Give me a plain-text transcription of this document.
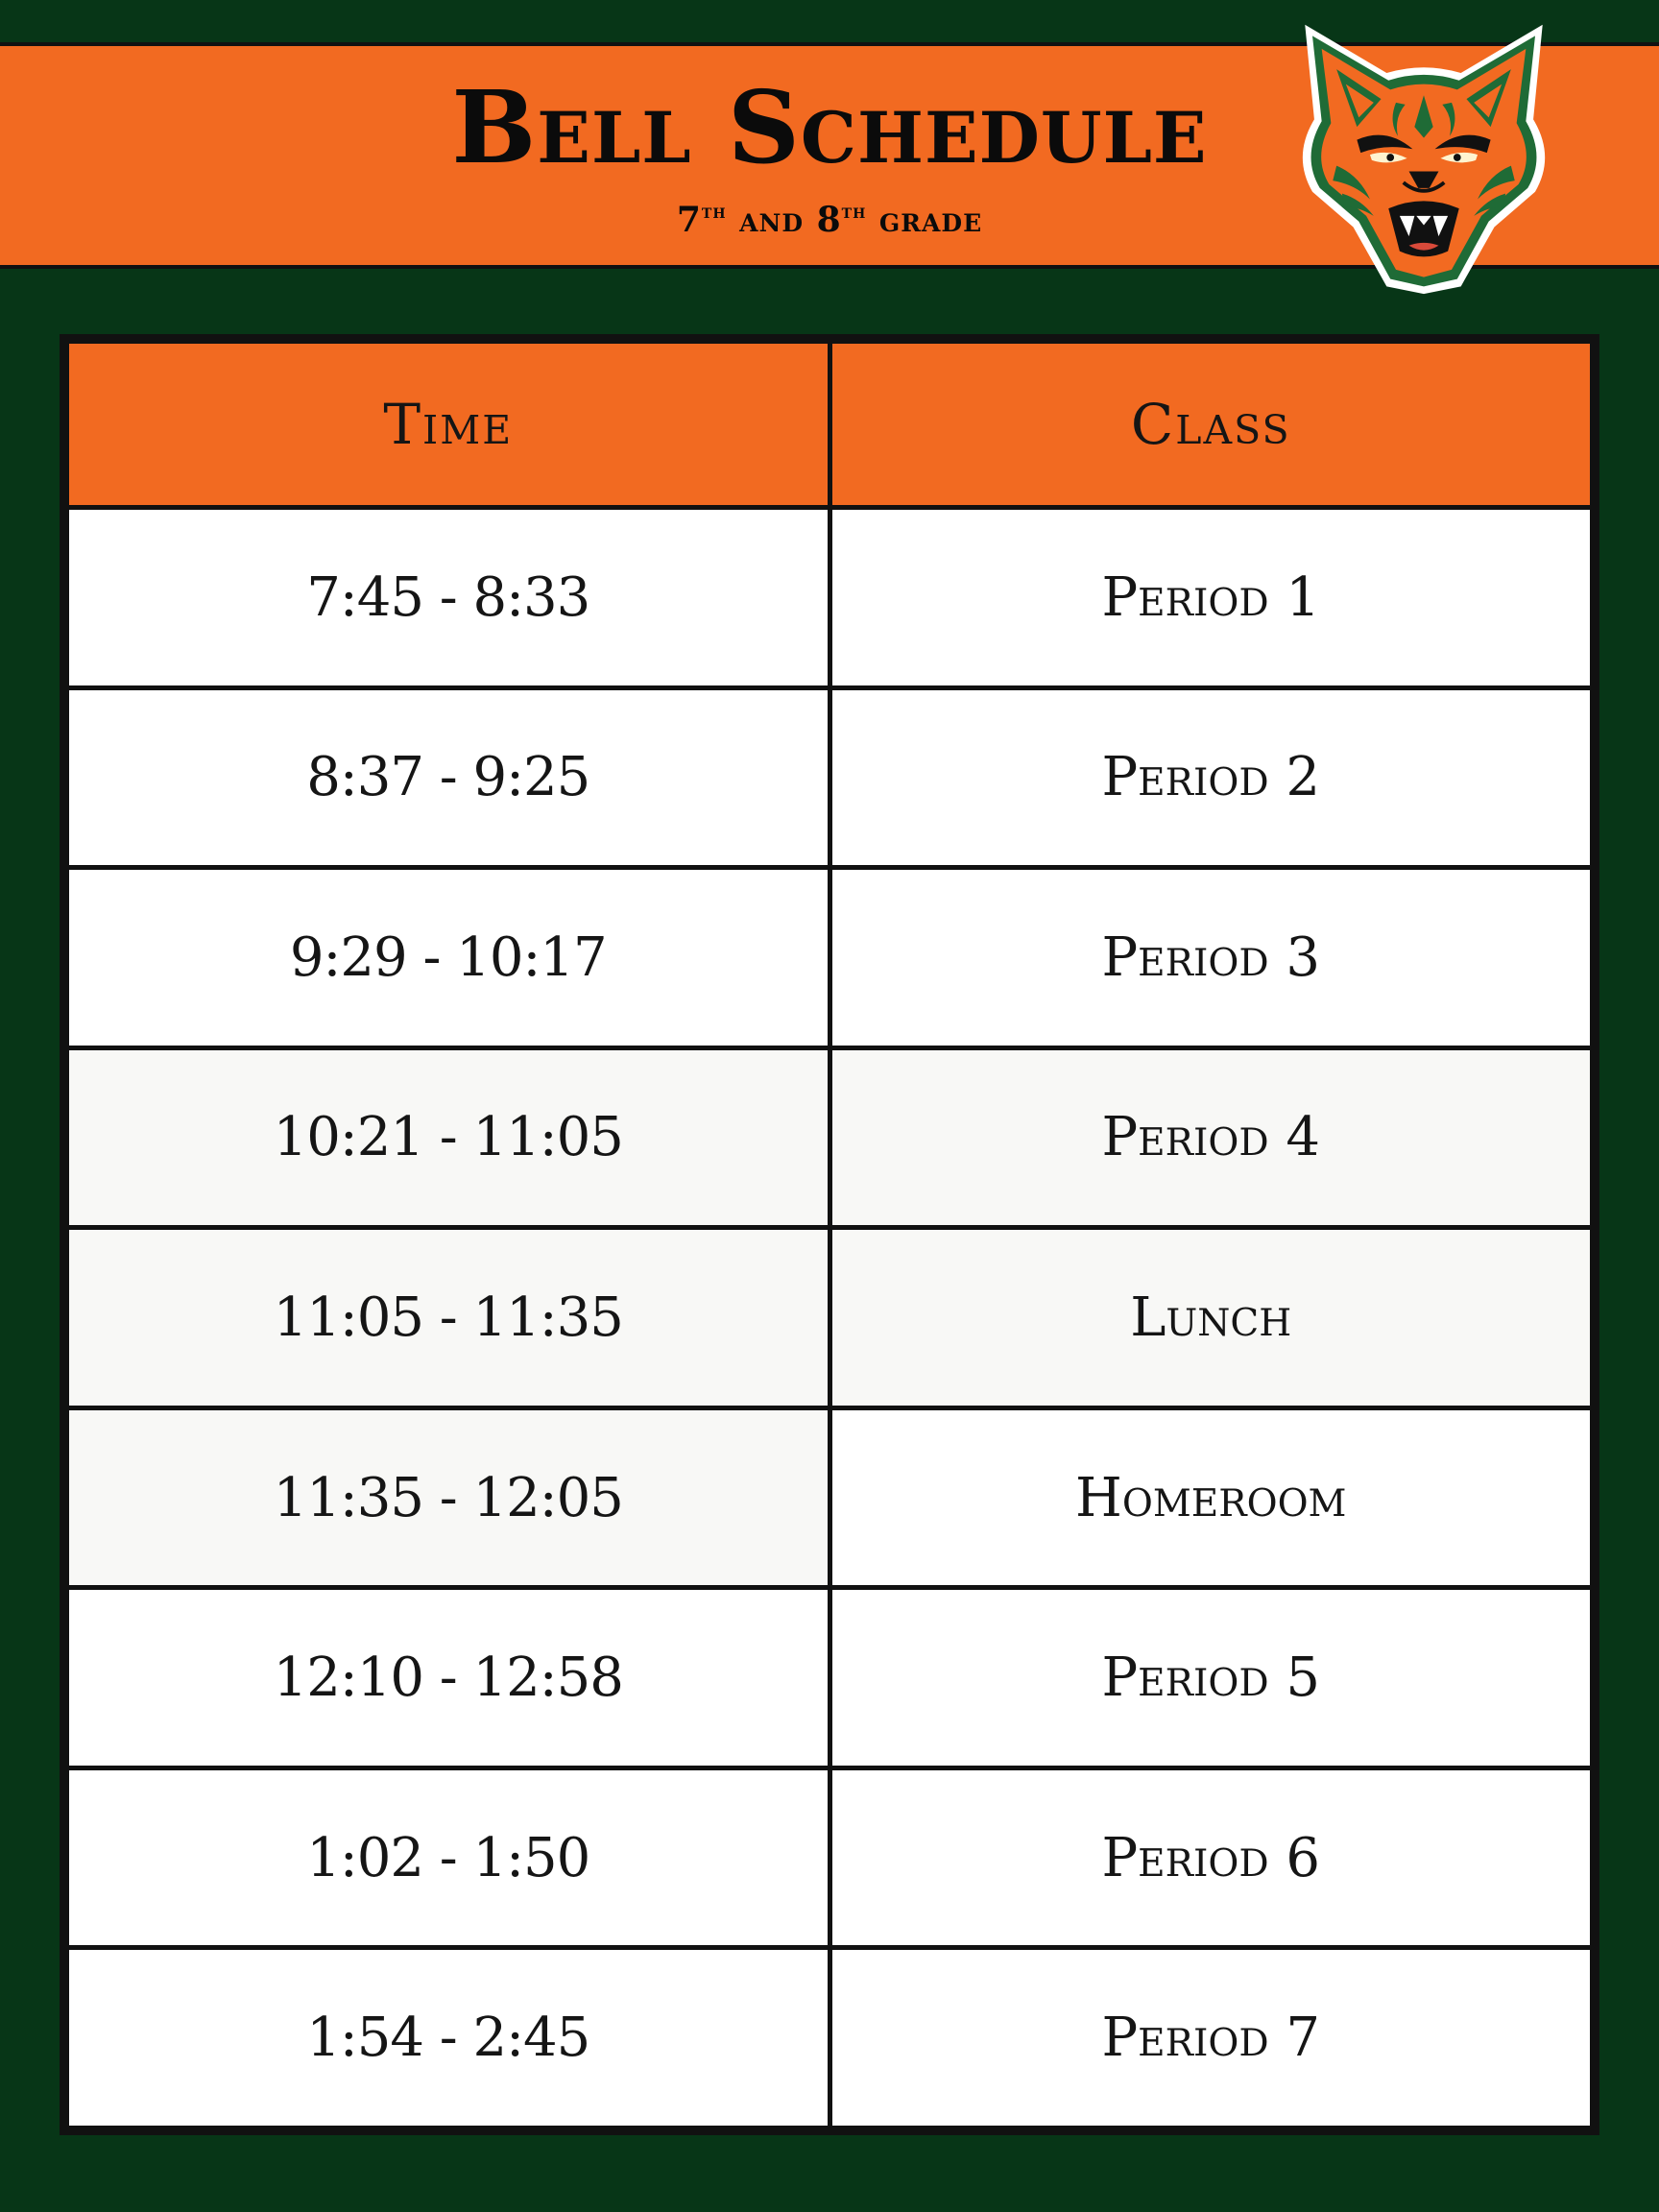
Bell Schedule
7th and 8th grade
Time	Class
7:45 - 8:33	Period 1
8:37 - 9:25	Period 2
9:29 - 10:17	Period 3
10:21 - 11:05	Period 4
11:05 - 11:35	Lunch
11:35 - 12:05	Homeroom
12:10 - 12:58	Period 5
1:02 - 1:50	Period 6
1:54 - 2:45	Period 7
